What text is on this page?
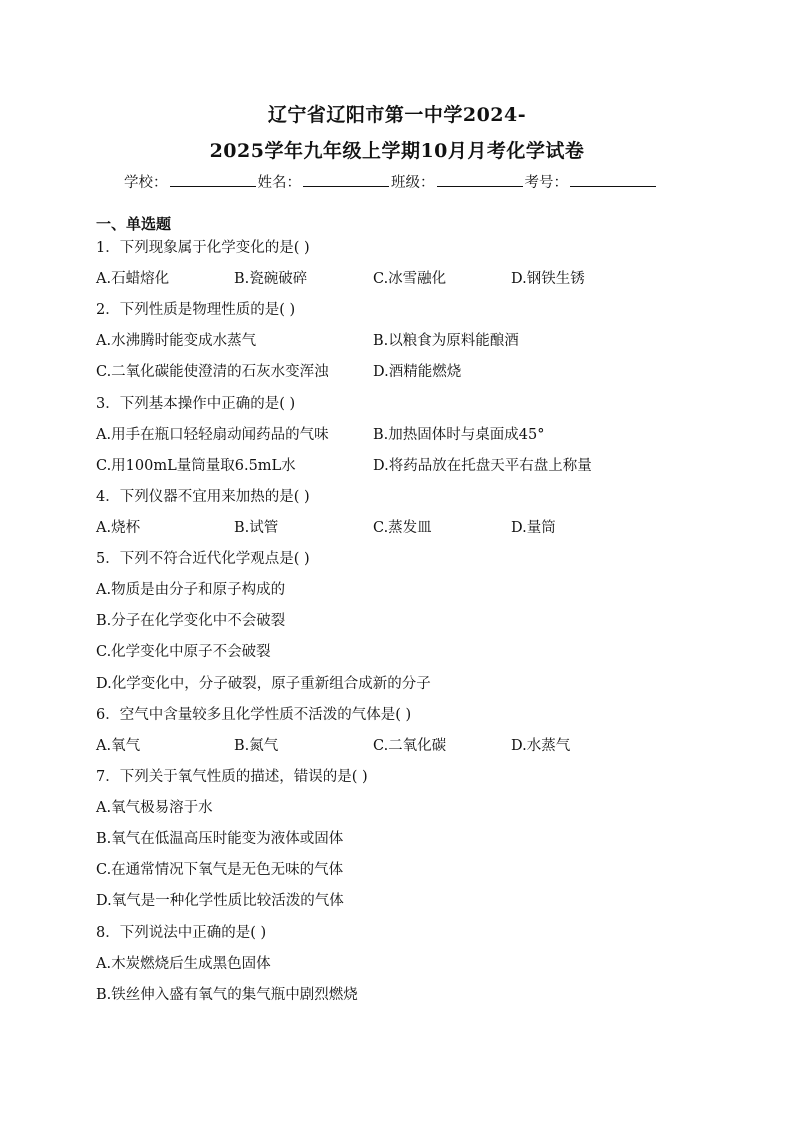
辽宁省辽阳市第一中学2024-
2025学年九年级上学期10月月考化学试卷
学校：	姓名：	班级：	考号：
一、单选题
1．下列现象属于化学变化的是( )
A.石蜡熔化	B.瓷碗破碎	C.冰雪融化	D.钢铁生锈
2．下列性质是物理性质的是( )
A.水沸腾时能变成水蒸气	B.以粮食为原料能酿酒
C.二氧化碳能使澄清的石灰水变浑浊	D.酒精能燃烧
3．下列基本操作中正确的是( )
A.用手在瓶口轻轻扇动闻药品的气味	B.加热固体时与桌面成45°
C.用100mL量筒量取6.5mL水	D.将药品放在托盘天平右盘上称量
4．下列仪器不宜用来加热的是( )
A.烧杯	B.试管	C.蒸发皿	D.量筒
5．下列不符合近代化学观点是( )
A.物质是由分子和原子构成的
B.分子在化学变化中不会破裂
C.化学变化中原子不会破裂
D.化学变化中，分子破裂，原子重新组合成新的分子
6．空气中含量较多且化学性质不活泼的气体是( )
A.氧气	B.氮气	C.二氧化碳	D.水蒸气
7．下列关于氧气性质的描述，错误的是( )
A.氧气极易溶于水
B.氧气在低温高压时能变为液体或固体
C.在通常情况下氧气是无色无味的气体
D.氧气是一种化学性质比较活泼的气体
8．下列说法中正确的是( )
A.木炭燃烧后生成黑色固体
B.铁丝伸入盛有氧气的集气瓶中剧烈燃烧
